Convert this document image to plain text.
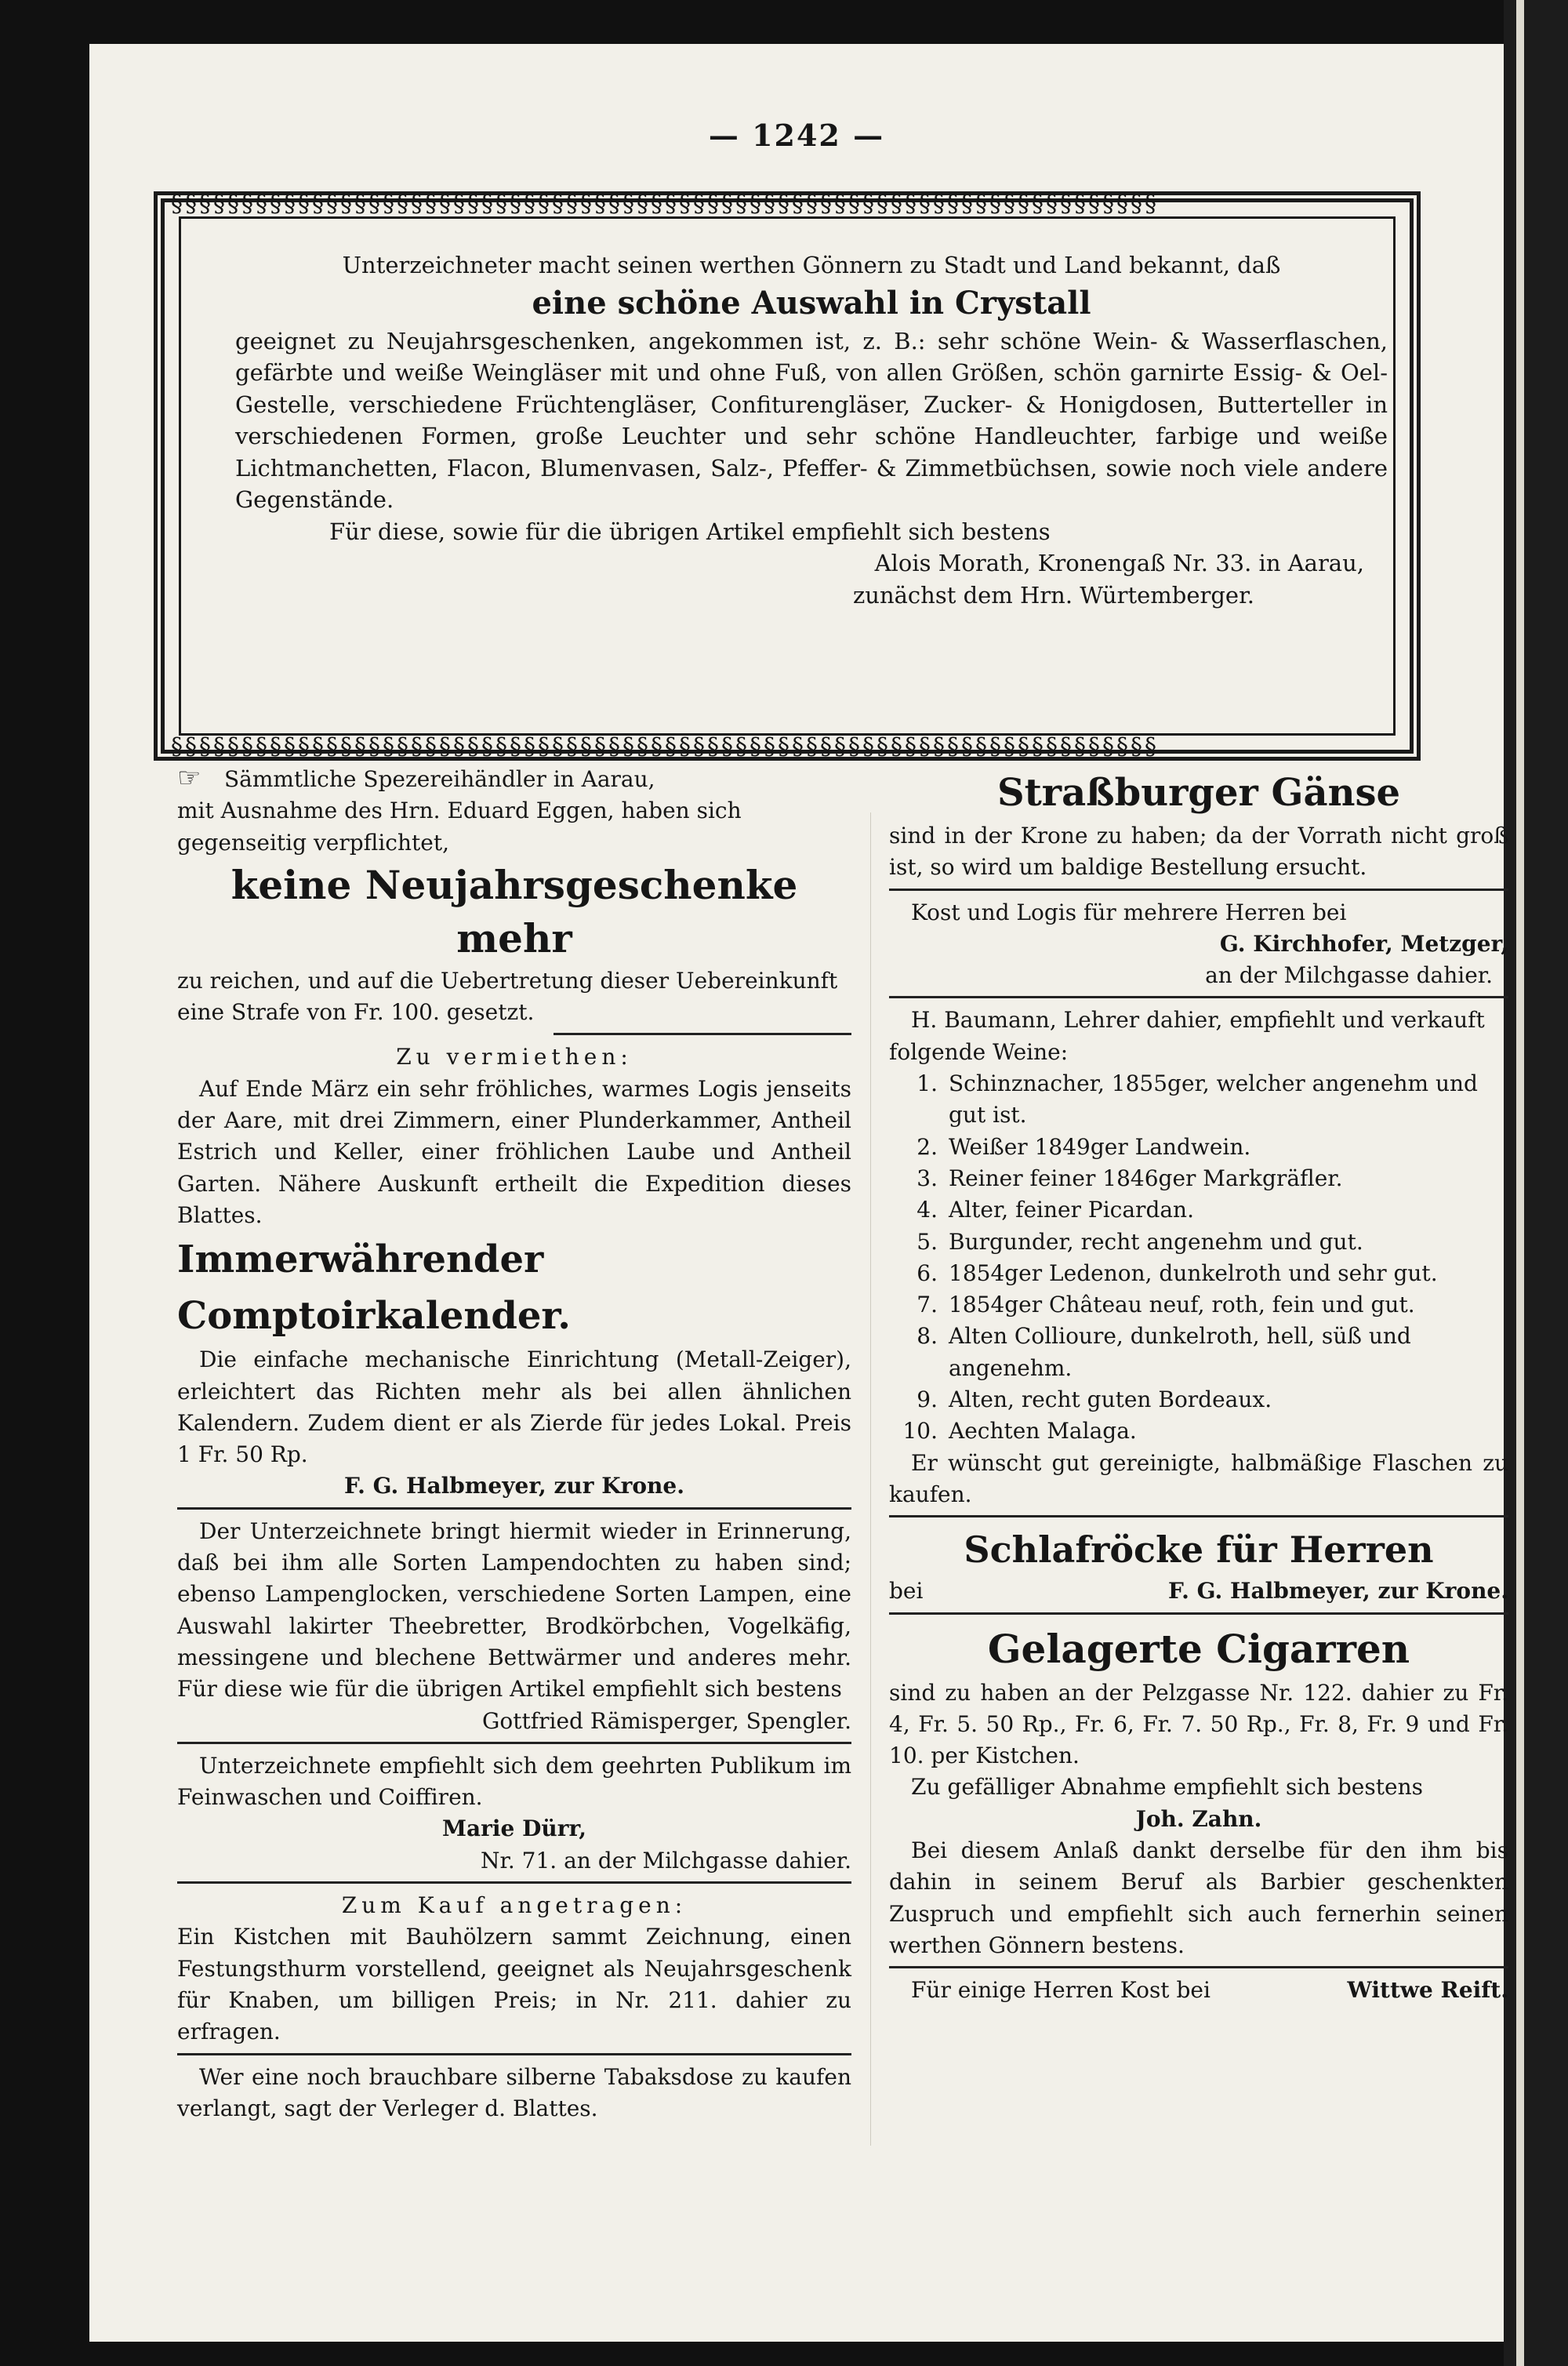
— 1242 —
§§§§§§§§§§§§§§§§§§§§§§§§§§§§§§§§§§§§§§§§§§§§§§§§§§§§§§§§§§§§§§§§§§§§§§
§§§§§§§§§§§§§§§§§§§§§§§§§§§§§§§§§§§§§§§§§§§§§§§§§§§§§§§§§§§§§§§§§§§§§§
Unterzeichneter macht seinen werthen Gönnern zu Stadt und Land bekannt, daß
eine schöne Auswahl in Crystall
geeignet zu Neujahrsgeschenken, angekommen ist, z. B.: sehr schöne Wein- & Wasserflaschen, gefärbte und weiße Weingläser mit und ohne Fuß, von allen Größen, schön garnirte Essig- & Oel-Gestelle, verschiedene Früchtengläser, Confiturengläser, Zucker- & Honigdosen, Butterteller in verschiedenen Formen, große Leuchter und sehr schöne Handleuchter, farbige und weiße Lichtmanchetten, Flacon, Blumenvasen, Salz-, Pfeffer- & Zimmetbüchsen, sowie noch viele andere Gegenstände.
Für diese, sowie für die übrigen Artikel empfiehlt sich bestens
Alois Morath, Kronengaß Nr. 33. in Aarau,
zunächst dem Hrn. Würtemberger.

☞ Sämmtliche Spezereihändler in Aarau,

mit Ausnahme des Hrn. Eduard Eggen, haben sich gegenseitig verpflichtet,

keine Neujahrsgeschenke mehr

zu reichen, und auf die Uebertretung dieser Uebereinkunft eine Strafe von Fr. 100. gesetzt.

Zu vermiethen:

Auf Ende März ein sehr fröhliches, warmes Logis jenseits der Aare, mit drei Zimmern, einer Plunderkammer, Antheil Estrich und Keller, einer fröhlichen Laube und Antheil Garten. Nähere Auskunft ertheilt die Expedition dieses Blattes.

Immerwährender Comptoirkalender.

Die einfache mechanische Einrichtung (Metall-Zeiger), erleichtert das Richten mehr als bei allen ähnlichen Kalendern. Zudem dient er als Zierde für jedes Lokal. Preis 1 Fr. 50 Rp.

F. G. Halbmeyer, zur Krone.

Der Unterzeichnete bringt hiermit wieder in Erinnerung, daß bei ihm alle Sorten Lampendochten zu haben sind; ebenso Lampenglocken, verschiedene Sorten Lampen, eine Auswahl lakirter Theebretter, Brodkörbchen, Vogelkäfig, messingene und blechene Bettwärmer und anderes mehr. Für diese wie für die übrigen Artikel empfiehlt sich bestens

Gottfried Rämisperger, Spengler.

Unterzeichnete empfiehlt sich dem geehrten Publikum im Feinwaschen und Coiffiren.

Marie Dürr,

Nr. 71. an der Milchgasse dahier.

Zum Kauf angetragen:

Ein Kistchen mit Bauhölzern sammt Zeichnung, einen Festungsthurm vorstellend, geeignet als Neujahrsgeschenk für Knaben, um billigen Preis; in Nr. 211. dahier zu erfragen.

Wer eine noch brauchbare silberne Tabaksdose zu kaufen verlangt, sagt der Verleger d. Blattes.

Straßburger Gänse

sind in der Krone zu haben; da der Vorrath nicht groß ist, so wird um baldige Bestellung ersucht.

Kost und Logis für mehrere Herren bei

G. Kirchhofer, Metzger,

an der Milchgasse dahier.

H. Baumann, Lehrer dahier, empfiehlt und verkauft folgende Weine:

1. Schinznacher, 1855ger, welcher angenehm und gut ist.
2. Weißer 1849ger Landwein.
3. Reiner feiner 1846ger Markgräfler.
4. Alter, feiner Picardan.
5. Burgunder, recht angenehm und gut.
6. 1854ger Ledenon, dunkelroth und sehr gut.
7. 1854ger Château neuf, roth, fein und gut.
8. Alten Collioure, dunkelroth, hell, süß und angenehm.
9. Alten, recht guten Bordeaux.
10. Aechten Malaga.

Er wünscht gut gereinigte, halbmäßige Flaschen zu kaufen.

Schlafröcke für Herren

bei	F. G. Halbmeyer, zur Krone.

Gelagerte Cigarren

sind zu haben an der Pelzgasse Nr. 122. dahier zu Fr. 4, Fr. 5. 50 Rp., Fr. 6, Fr. 7. 50 Rp., Fr. 8, Fr. 9 und Fr. 10. per Kistchen.

Zu gefälliger Abnahme empfiehlt sich bestens

Joh. Zahn.

Bei diesem Anlaß dankt derselbe für den ihm bis dahin in seinem Beruf als Barbier geschenkten Zuspruch und empfiehlt sich auch fernerhin seinen werthen Gönnern bestens.

Für einige Herren Kost bei	Wittwe Reift.
